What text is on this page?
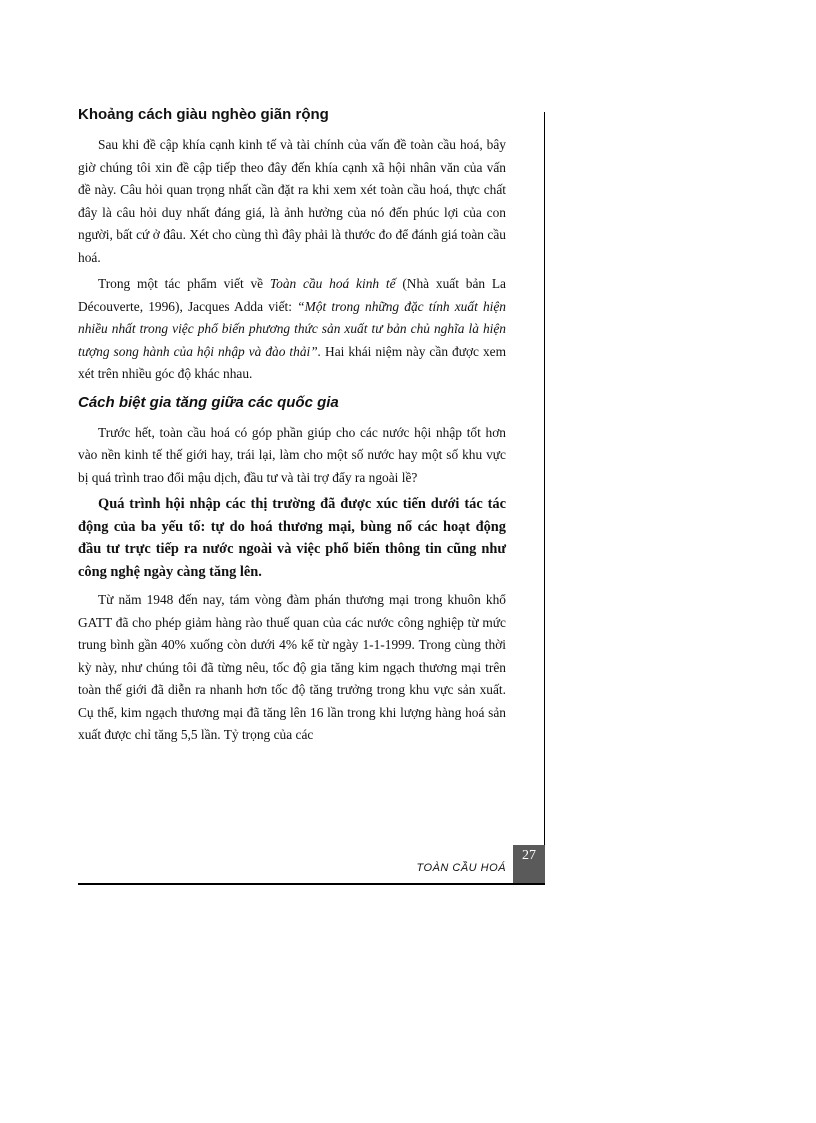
Khoảng cách giàu nghèo giãn rộng

Sau khi đề cập khía cạnh kinh tế và tài chính của vấn đề toàn cầu hoá, bây giờ chúng tôi xin đề cập tiếp theo đây đến khía cạnh xã hội nhân văn của vấn đề này. Câu hỏi quan trọng nhất cần đặt ra khi xem xét toàn cầu hoá, thực chất đây là câu hỏi duy nhất đáng giá, là ảnh hưởng của nó đến phúc lợi của con người, bất cứ ở đâu. Xét cho cùng thì đây phải là thước đo để đánh giá toàn cầu hoá.

Trong một tác phẩm viết về Toàn cầu hoá kinh tế (Nhà xuất bản La Découverte, 1996), Jacques Adda viết: “Một trong những đặc tính xuất hiện nhiều nhất trong việc phổ biến phương thức sản xuất tư bản chủ nghĩa là hiện tượng song hành của hội nhập và đào thải”. Hai khái niệm này cần được xem xét trên nhiều góc độ khác nhau.

Cách biệt gia tăng giữa các quốc gia

Trước hết, toàn cầu hoá có góp phần giúp cho các nước hội nhập tốt hơn vào nền kinh tế thế giới hay, trái lại, làm cho một số nước hay một số khu vực bị quá trình trao đổi mậu dịch, đầu tư và tài trợ đẩy ra ngoài lề?

Quá trình hội nhập các thị trường đã được xúc tiến dưới tác tác động của ba yếu tố: tự do hoá thương mại, bùng nổ các hoạt động đầu tư trực tiếp ra nước ngoài và việc phổ biến thông tin cũng như công nghệ ngày càng tăng lên.

Từ năm 1948 đến nay, tám vòng đàm phán thương mại trong khuôn khổ GATT đã cho phép giảm hàng rào thuế quan của các nước công nghiệp từ mức trung bình gần 40% xuống còn dưới 4% kể từ ngày 1-1-1999. Trong cùng thời kỳ này, như chúng tôi đã từng nêu, tốc độ gia tăng kim ngạch thương mại trên toàn thế giới đã diễn ra nhanh hơn tốc độ tăng trưởng trong khu vực sản xuất. Cụ thể, kim ngạch thương mại đã tăng lên 16 lần trong khi lượng hàng hoá sản xuất được chỉ tăng 5,5 lần. Tỷ trọng của các

TOÀN CẦU HOÁ
27
